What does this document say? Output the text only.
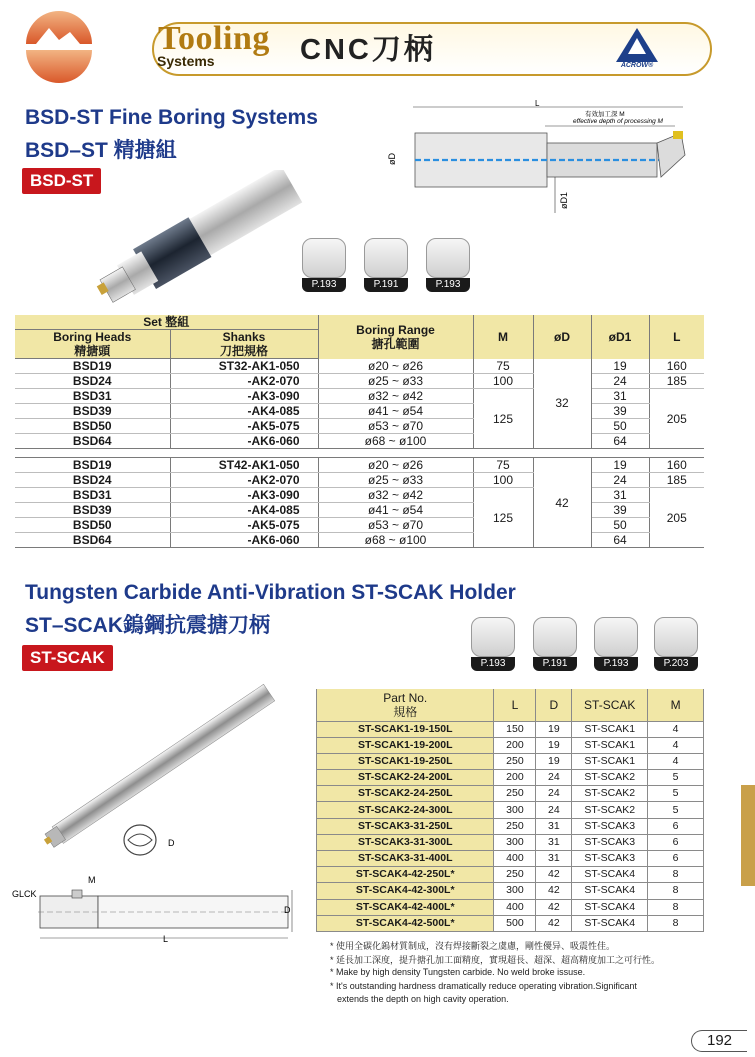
Tooling
Systems	CNC刀柄	ACROW®
BSD-ST Fine Boring Systems
BSD–ST 精搪組
BSD-ST
L
有效加工深 M
effective depth of processing M
øD
øD1
P.193	P.191	P.193
Set 整組		Boring Range
搪孔範圍	M	øD	øD1	L
Boring Heads
精搪頭	Shanks
刀把規格					
BSD19	ST32-AK1-050	ø20 ~ ø26	75	32	19	160
BSD24	-AK2-070	ø25 ~ ø33	100		24	185
BSD31	-AK3-090	ø32 ~ ø42	125		31	205
BSD39	-AK4-085	ø41 ~ ø54			39	
BSD50	-AK5-075	ø53 ~ ø70			50	
BSD64	-AK6-060	ø68 ~ ø100			64	

BSD19	ST42-AK1-050	ø20 ~ ø26	75	42	19	160
BSD24	-AK2-070	ø25 ~ ø33	100		24	185
BSD31	-AK3-090	ø32 ~ ø42	125		31	205
BSD39	-AK4-085	ø41 ~ ø54			39	
BSD50	-AK5-075	ø53 ~ ø70			50	
BSD64	-AK6-060	ø68 ~ ø100			64	
Tungsten Carbide Anti-Vibration ST-SCAK Holder
ST–SCAK鎢鋼抗震搪刀柄
ST-SCAK	P.193	P.191	P.193	P.203
D
GLCK
M
D
L
Part No.
規格	L	D	ST-SCAK	M
ST-SCAK1-19-150L	150	19	ST-SCAK1	4
ST-SCAK1-19-200L	200	19	ST-SCAK1	4
ST-SCAK1-19-250L	250	19	ST-SCAK1	4
ST-SCAK2-24-200L	200	24	ST-SCAK2	5
ST-SCAK2-24-250L	250	24	ST-SCAK2	5
ST-SCAK2-24-300L	300	24	ST-SCAK2	5
ST-SCAK3-31-250L	250	31	ST-SCAK3	6
ST-SCAK3-31-300L	300	31	ST-SCAK3	6
ST-SCAK3-31-400L	400	31	ST-SCAK3	6
ST-SCAK4-42-250L*	250	42	ST-SCAK4	8
ST-SCAK4-42-300L*	300	42	ST-SCAK4	8
ST-SCAK4-42-400L*	400	42	ST-SCAK4	8
ST-SCAK4-42-500L*	500	42	ST-SCAK4	8
* 使用全碳化鎢材質制成，沒有焊接斷裂之虞慮，剛性優异、吸震性佳。
* 延長加工深度，提升搪孔加工面精度，實現超長、超深、超高精度加工之可行性。
* Make by high density Tungsten carbide. No weld broke issuse.
* It's outstanding hardness dramatically reduce operating vibration.Significant
extends the depth on high cavity operation.
192
